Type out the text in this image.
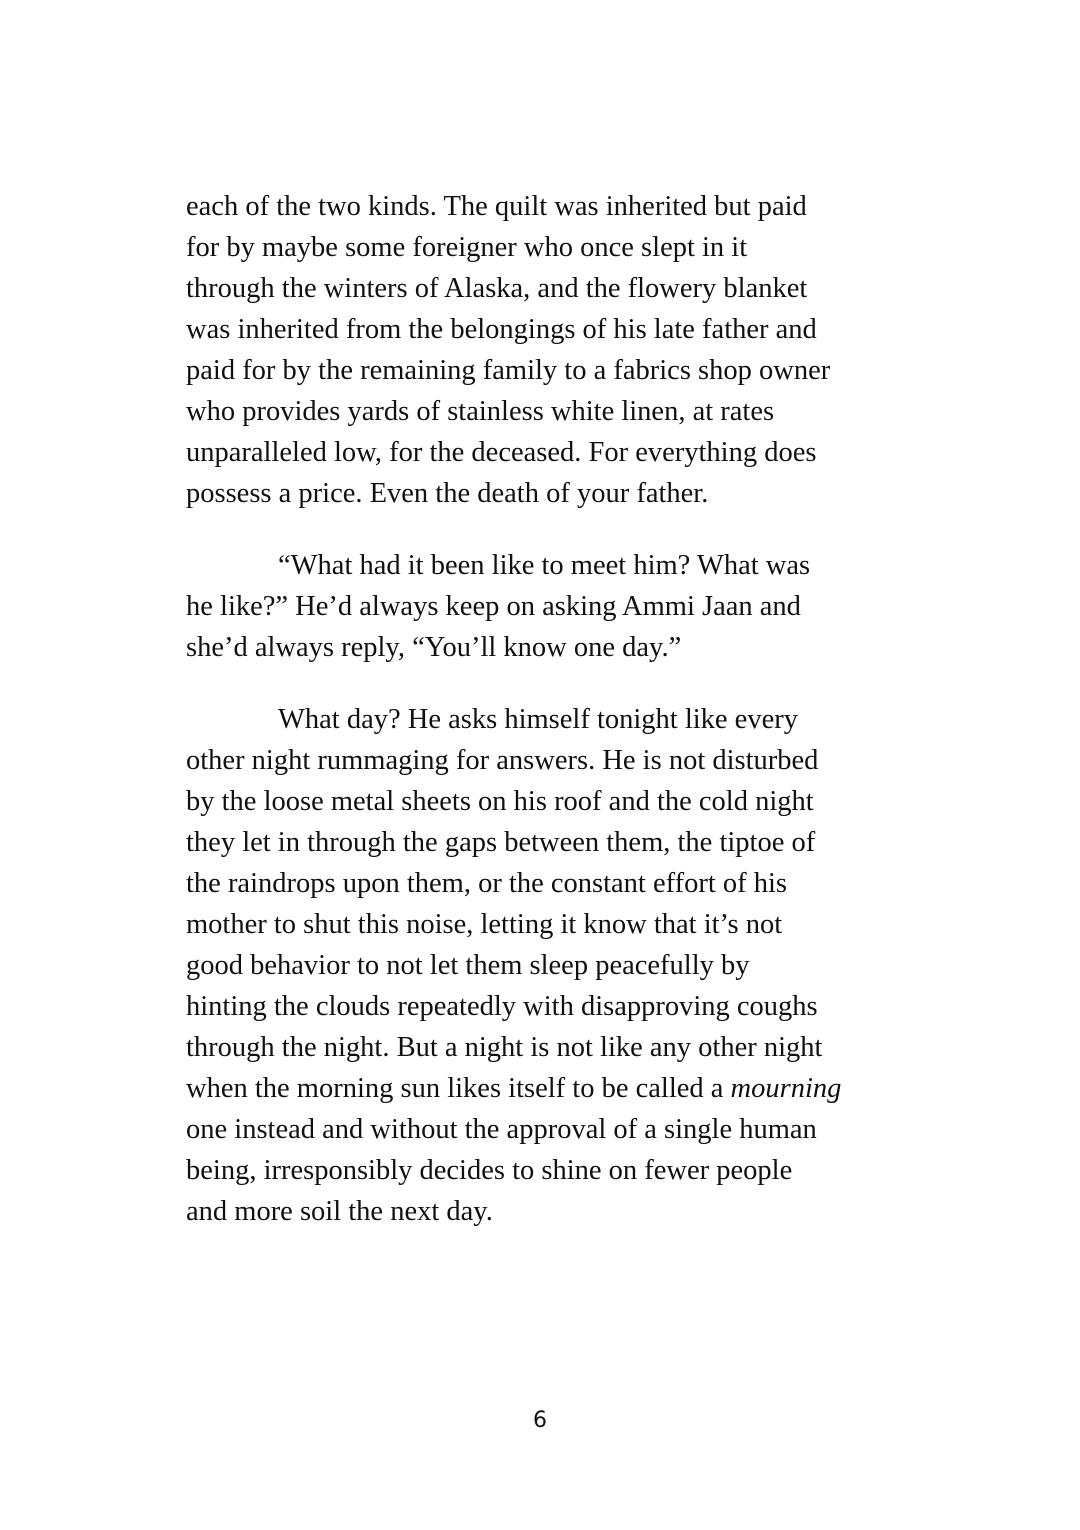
each of the two kinds. The quilt was inherited but paid
for by maybe some foreigner who once slept in it
through the winters of Alaska, and the flowery blanket
was inherited from the belongings of his late father and
paid for by the remaining family to a fabrics shop owner
who provides yards of stainless white linen, at rates
unparalleled low, for the deceased. For everything does
possess a price. Even the death of your father.
“What had it been like to meet him? What was
he like?” He’d always keep on asking Ammi Jaan and
she’d always reply, “You’ll know one day.”
What day? He asks himself tonight like every
other night rummaging for answers. He is not disturbed
by the loose metal sheets on his roof and the cold night
they let in through the gaps between them, the tiptoe of
the raindrops upon them, or the constant effort of his
mother to shut this noise, letting it know that it’s not
good behavior to not let them sleep peacefully by
hinting the clouds repeatedly with disapproving coughs
through the night. But a night is not like any other night
when the morning sun likes itself to be called a mourning
one instead and without the approval of a single human
being, irresponsibly decides to shine on fewer people
and more soil the next day.
6
